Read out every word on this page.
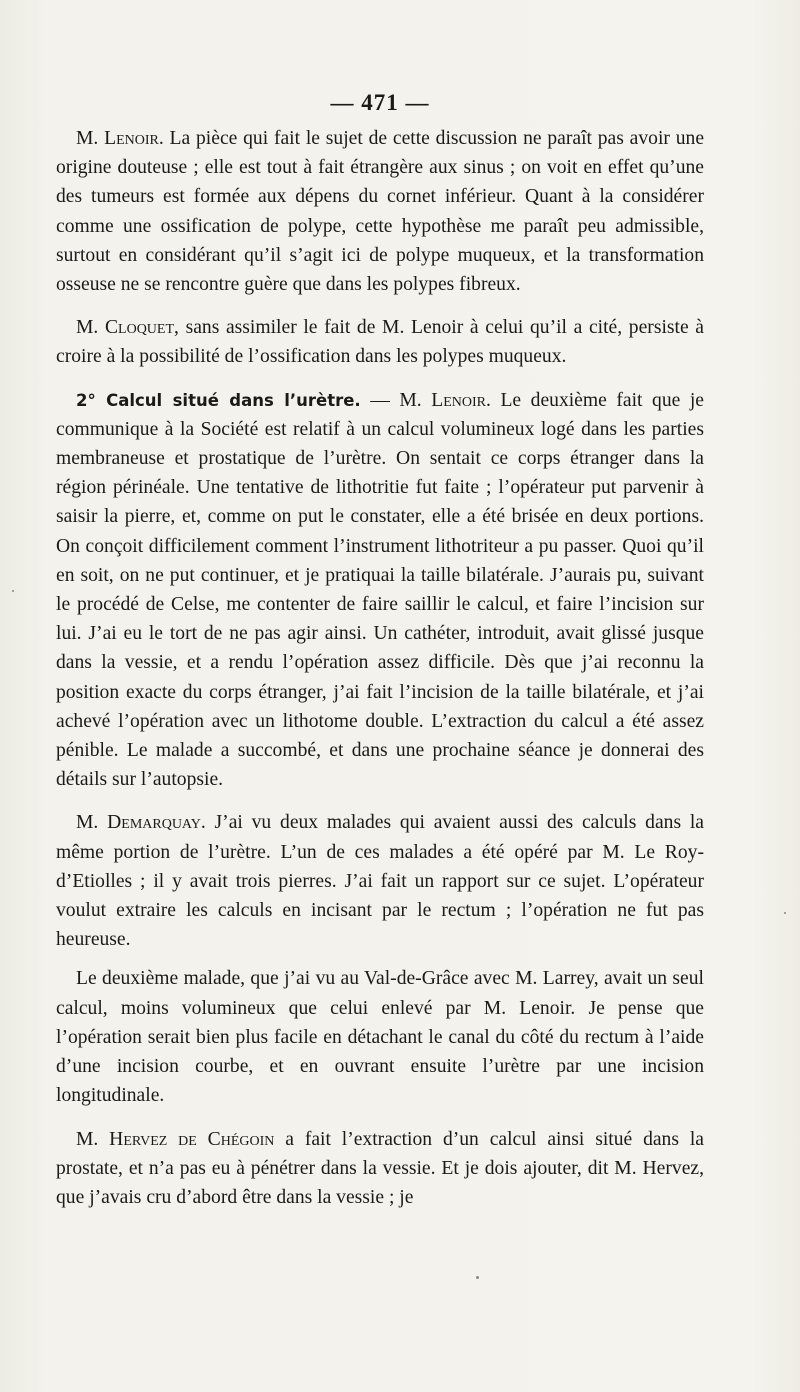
— 471 —

M. Lenoir. La pièce qui fait le sujet de cette discussion ne paraît pas avoir une origine douteuse ; elle est tout à fait étrangère aux sinus ; on voit en effet qu’une des tumeurs est formée aux dépens du cornet inférieur. Quant à la considérer comme une ossification de polype, cette hypothèse me paraît peu admissible, surtout en considérant qu’il s’agit ici de polype muqueux, et la transformation osseuse ne se rencontre guère que dans les polypes fibreux.

M. Cloquet, sans assimiler le fait de M. Lenoir à celui qu’il a cité, persiste à croire à la possibilité de l’ossification dans les polypes muqueux.

2° Calcul situé dans l’urètre. — M. Lenoir. Le deuxième fait que je communique à la Société est relatif à un calcul volumineux logé dans les parties membraneuse et prostatique de l’urètre. On sentait ce corps étranger dans la région périnéale. Une tentative de lithotritie fut faite ; l’opérateur put parvenir à saisir la pierre, et, comme on put le constater, elle a été brisée en deux portions. On conçoit difficilement comment l’instrument lithotriteur a pu passer. Quoi qu’il en soit, on ne put continuer, et je pratiquai la taille bilatérale. J’aurais pu, suivant le procédé de Celse, me contenter de faire saillir le calcul, et faire l’incision sur lui. J’ai eu le tort de ne pas agir ainsi. Un cathéter, introduit, avait glissé jusque dans la vessie, et a rendu l’opération assez difficile. Dès que j’ai reconnu la position exacte du corps étranger, j’ai fait l’incision de la taille bilatérale, et j’ai achevé l’opération avec un lithotome double. L’extraction du calcul a été assez pénible. Le malade a succombé, et dans une prochaine séance je donnerai des détails sur l’autopsie.

M. Demarquay. J’ai vu deux malades qui avaient aussi des calculs dans la même portion de l’urètre. L’un de ces malades a été opéré par M. Le Roy-d’Etiolles ; il y avait trois pierres. J’ai fait un rapport sur ce sujet. L’opérateur voulut extraire les calculs en incisant par le rectum ; l’opération ne fut pas heureuse.

Le deuxième malade, que j’ai vu au Val-de-Grâce avec M. Larrey, avait un seul calcul, moins volumineux que celui enlevé par M. Lenoir. Je pense que l’opération serait bien plus facile en détachant le canal du côté du rectum à l’aide d’une incision courbe, et en ouvrant ensuite l’urètre par une incision longitudinale.

M. Hervez de Chégoin a fait l’extraction d’un calcul ainsi situé dans la prostate, et n’a pas eu à pénétrer dans la vessie. Et je dois ajouter, dit M. Hervez, que j’avais cru d’abord être dans la vessie ; je
